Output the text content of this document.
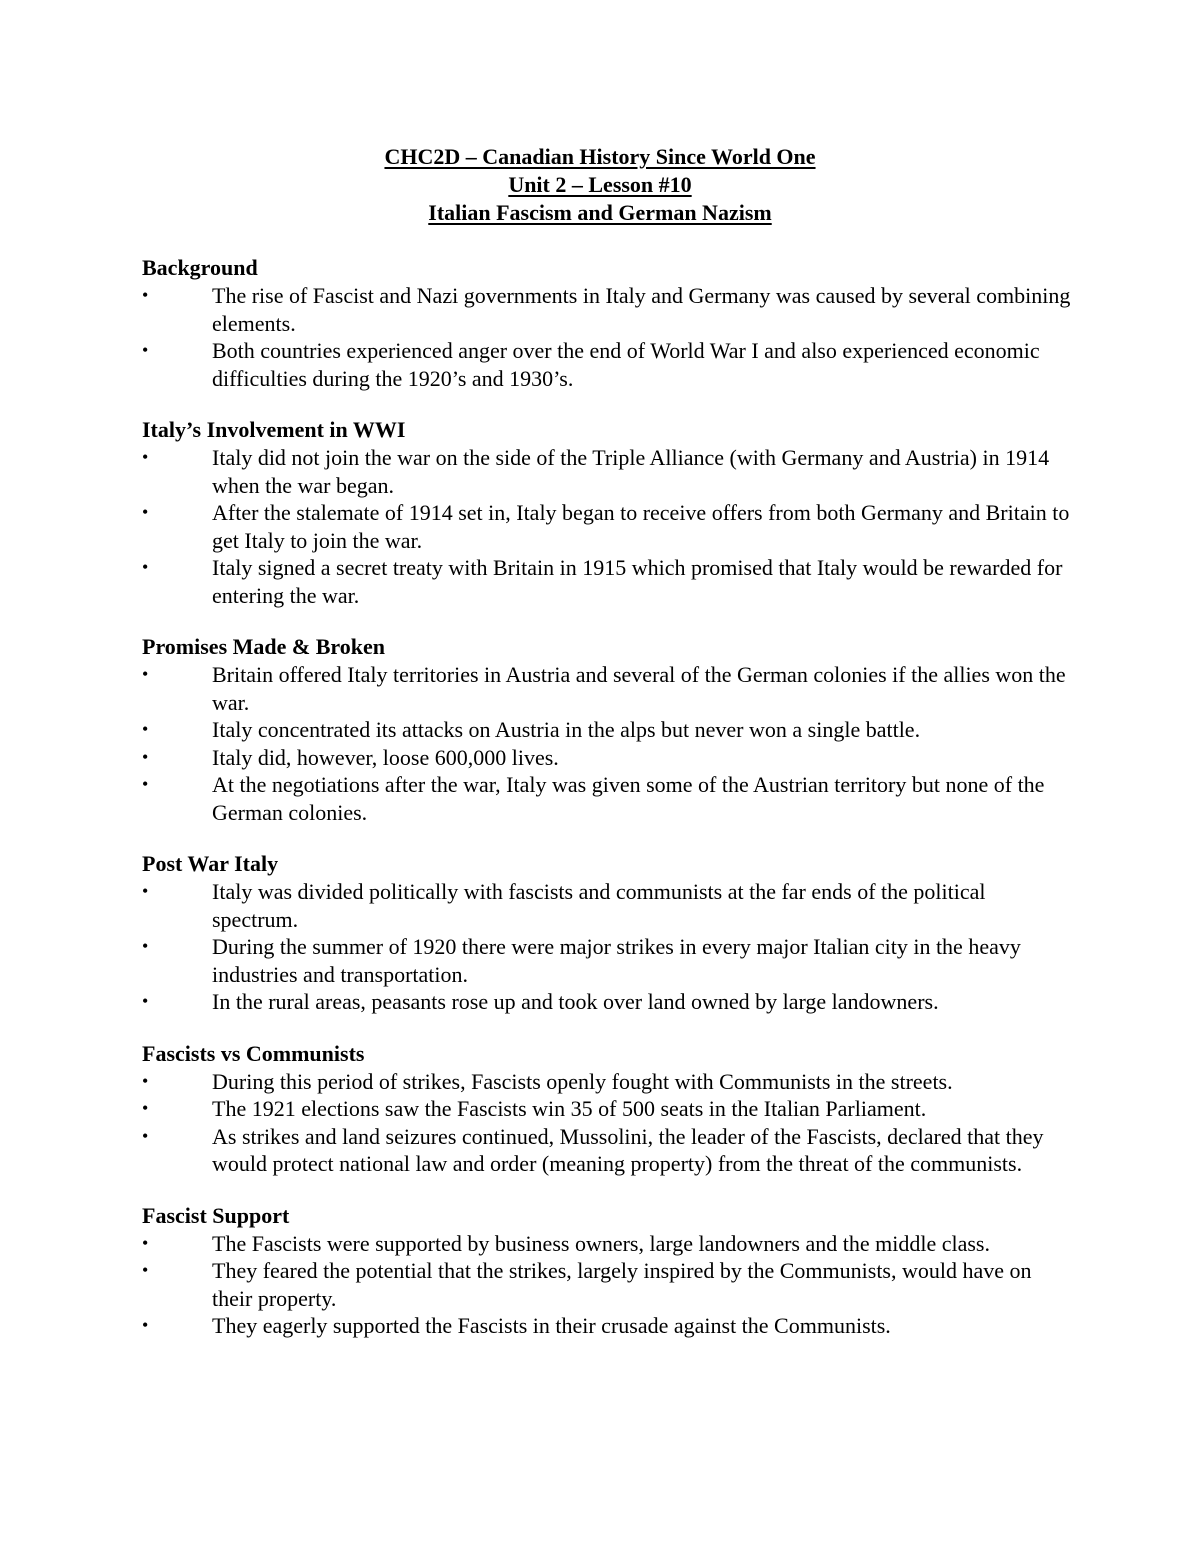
CHC2D – Canadian History Since World One

Unit 2 – Lesson #10

Italian Fascism and German Nazism

Background

•	The rise of Fascist and Nazi governments in Italy and Germany was caused by several combining elements.
•	Both countries experienced anger over the end of World War I and also experienced economic difficulties during the 1920’s and 1930’s.

Italy’s Involvement in WWI

•	Italy did not join the war on the side of the Triple Alliance (with Germany and Austria) in 1914 when the war began.
•	After the stalemate of 1914 set in, Italy began to receive offers from both Germany and Britain to get Italy to join the war.
•	Italy signed a secret treaty with Britain in 1915 which promised that Italy would be rewarded for entering the war.

Promises Made & Broken

•	Britain offered Italy territories in Austria and several of the German colonies if the allies won the war.
•	Italy concentrated its attacks on Austria in the alps but never won a single battle.
•	Italy did, however, loose 600,000 lives.
•	At the negotiations after the war, Italy was given some of the Austrian territory but none of the German colonies.

Post War Italy

•	Italy was divided politically with fascists and communists at the far ends of the political spectrum.
•	During the summer of 1920 there were major strikes in every major Italian city in the heavy industries and transportation.
•	In the rural areas, peasants rose up and took over land owned by large landowners.

Fascists vs Communists

•	During this period of strikes, Fascists openly fought with Communists in the streets.
•	The 1921 elections saw the Fascists win 35 of 500 seats in the Italian Parliament.
•	As strikes and land seizures continued, Mussolini, the leader of the Fascists, declared that they would protect national law and order (meaning property) from the threat of the communists.

Fascist Support

•	The Fascists were supported by business owners, large landowners and the middle class.
•	They feared the potential that the strikes, largely inspired by the Communists, would have on their property.
•	They eagerly supported the Fascists in their crusade against the Communists.
